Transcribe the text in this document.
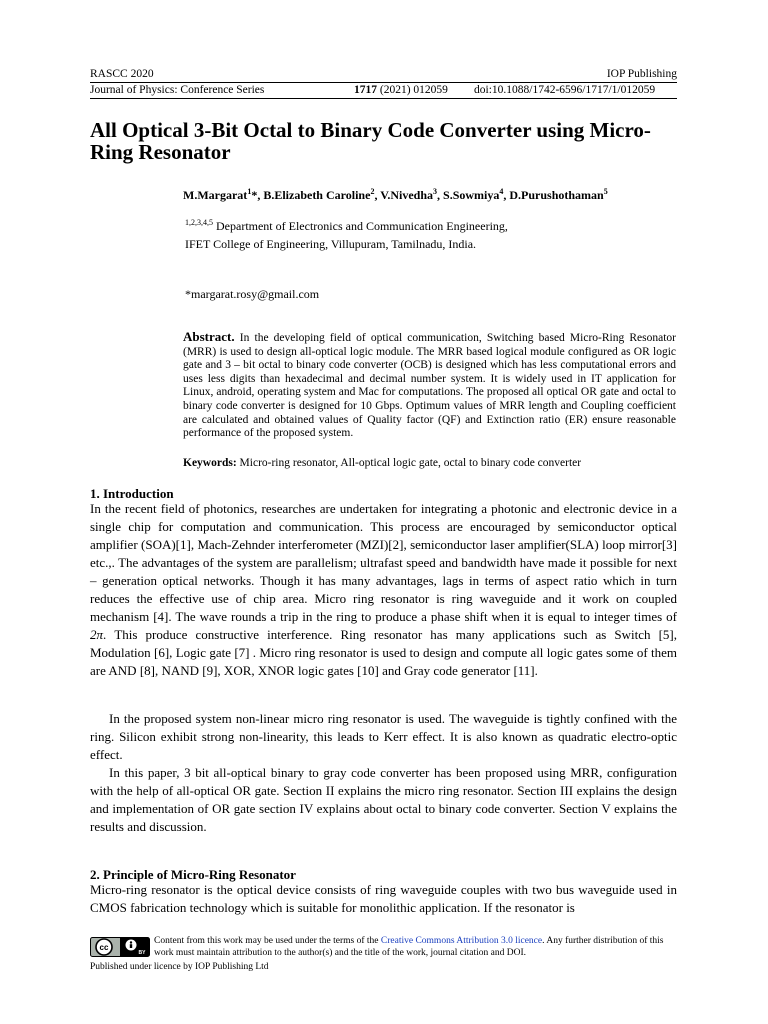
RASCC 2020	IOP Publishing
Journal of Physics: Conference Series	1717 (2021) 012059 doi:10.1088/1742-6596/1717/1/012059
All Optical 3-Bit Octal to Binary Code Converter using Micro-Ring Resonator
M.Margarat$^1$*, B.Elizabeth Caroline$^2$, V.Nivedha$^3$, S.Sowmiya$^4$, D.Purushothaman$^5$
$^{1,2,3,4,5}$ Department of Electronics and Communication Engineering,
IFET College of Engineering, Villupuram, Tamilnadu, India.
*margarat.rosy@gmail.com
Abstract. In the developing field of optical communication, Switching based Micro-Ring Resonator (MRR) is used to design all-optical logic module. The MRR based logical module configured as OR logic gate and 3 – bit octal to binary code converter (OCB) is designed which has less computational errors and uses less digits than hexadecimal and decimal number system. It is widely used in IT application for Linux, android, operating system and Mac for computations. The proposed all optical OR gate and octal to binary code converter is designed for 10 Gbps. Optimum values of MRR length and Coupling coefficient are calculated and obtained values of Quality factor (QF) and Extinction ratio (ER) ensure reasonable performance of the proposed system.
Keywords: Micro-ring resonator, All-optical logic gate, octal to binary code converter
1. Introduction
In the recent field of photonics, researches are undertaken for integrating a photonic and electronic device in a single chip for computation and communication. This process are encouraged by semiconductor optical amplifier (SOA)[1], Mach-Zehnder interferometer (MZI)[2], semiconductor laser amplifier(SLA) loop mirror[3] etc.,. The advantages of the system are parallelism; ultrafast speed and bandwidth have made it possible for next – generation optical networks. Though it has many advantages, lags in terms of aspect ratio which in turn reduces the effective use of chip area. Micro ring resonator is ring waveguide and it work on coupled mechanism [4]. The wave rounds a trip in the ring to produce a phase shift when it is equal to integer times of 2π. This produce constructive interference. Ring resonator has many applications such as Switch [5], Modulation [6], Logic gate [7] . Micro ring resonator is used to design and compute all logic gates some of them are AND [8], NAND [9], XOR, XNOR logic gates [10] and Gray code generator [11].
In the proposed system non-linear micro ring resonator is used. The waveguide is tightly confined with the ring. Silicon exhibit strong non-linearity, this leads to Kerr effect. It is also known as quadratic electro-optic effect.
In this paper, 3 bit all-optical binary to gray code converter has been proposed using MRR, configuration with the help of all-optical OR gate. Section II explains the micro ring resonator. Section III explains the design and implementation of OR gate section IV explains about octal to binary code converter. Section V explains the results and discussion.
2. Principle of Micro-Ring Resonator
Micro-ring resonator is the optical device consists of ring waveguide couples with two bus waveguide used in CMOS fabrication technology which is suitable for monolithic application. If the resonator is
cc
BY
Content from this work may be used under the terms of the Creative Commons Attribution 3.0 licence. Any further distribution of this work must maintain attribution to the author(s) and the title of the work, journal citation and DOI.
Published under licence by IOP Publishing Ltd
